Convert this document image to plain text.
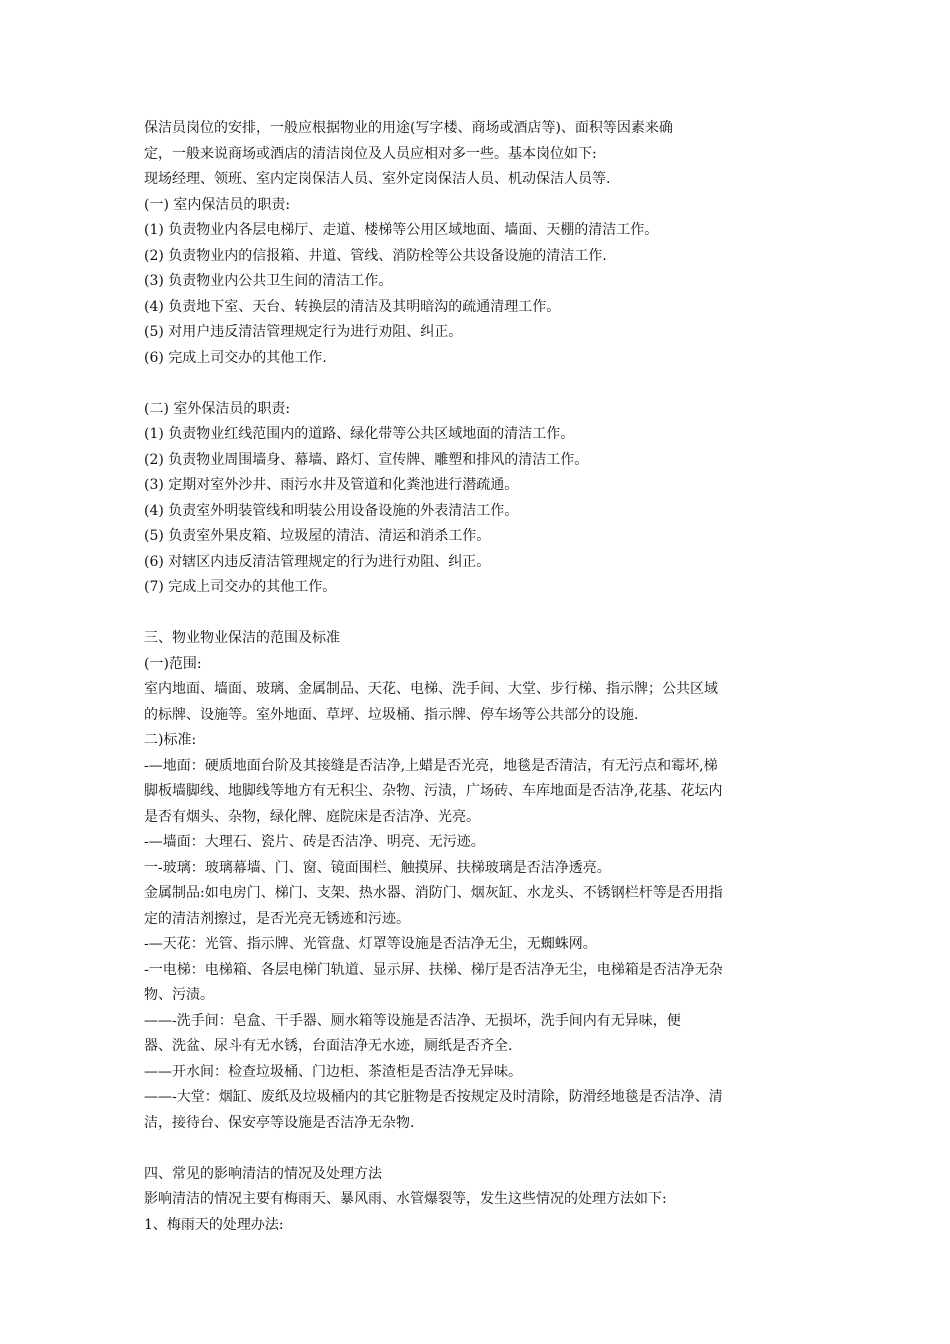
保洁员岗位的安排，一般应根据物业的用途(写字楼、商场或酒店等)、面积等因素来确
定，一般来说商场或酒店的清洁岗位及人员应相对多一些。基本岗位如下:
现场经理、领班、室内定岗保洁人员、室外定岗保洁人员、机动保洁人员等.
(一) 室内保洁员的职责:
(1) 负责物业内各层电梯厅、走道、楼梯等公用区域地面、墙面、天棚的清洁工作。
(2) 负责物业内的信报箱、井道、管线、消防栓等公共设备设施的清洁工作.
(3) 负责物业内公共卫生间的清洁工作。
(4) 负责地下室、天台、转换层的清洁及其明暗沟的疏通清理工作。
(5) 对用户违反清洁管理规定行为进行劝阻、纠正。
(6) 完成上司交办的其他工作.
(二) 室外保洁员的职责:
(1) 负责物业红线范围内的道路、绿化带等公共区域地面的清洁工作。
(2) 负责物业周围墙身、幕墙、路灯、宣传牌、雕塑和排风的清洁工作。
(3) 定期对室外沙井、雨污水井及管道和化粪池进行潜疏通。
(4) 负责室外明装管线和明装公用设备设施的外表清洁工作。
(5) 负责室外果皮箱、垃圾屋的清洁、清运和消杀工作。
(6) 对辖区内违反清洁管理规定的行为进行劝阻、纠正。
(7) 完成上司交办的其他工作。
三、物业物业保洁的范围及标准
(一)范围:
室内地面、墙面、玻璃、金属制品、天花、电梯、洗手间、大堂、步行梯、指示牌；公共区域
的标牌、设施等。室外地面、草坪、垃圾桶、指示牌、停车场等公共部分的设施.
二)标准:
-—地面：硬质地面台阶及其接缝是否洁净,上蜡是否光亮，地毯是否清洁，有无污点和霉坏,梯
脚板墙脚线、地脚线等地方有无积尘、杂物、污渍，广场砖、车库地面是否洁净,花基、花坛内
是否有烟头、杂物，绿化牌、庭院床是否洁净、光亮。
-—墙面：大理石、瓷片、砖是否洁净、明亮、无污迹。
一-玻璃：玻璃幕墙、门、窗、镜面围栏、触摸屏、扶梯玻璃是否洁净透亮。
金属制品:如电房门、梯门、支架、热水器、消防门、烟灰缸、水龙头、不锈钢栏杆等是否用指
定的清洁剂擦过，是否光亮无锈迹和污迹。
-—天花：光管、指示牌、光管盘、灯罩等设施是否洁净无尘，无蜘蛛网。
-一电梯：电梯箱、各层电梯门轨道、显示屏、扶梯、梯厅是否洁净无尘，电梯箱是否洁净无杂
物、污渍。
——-洗手间：皂盒、干手器、厕水箱等设施是否洁净、无损坏，洗手间内有无异味，便
器、洗盆、尿斗有无水锈，台面洁净无水迹，厕纸是否齐全.
——开水间：检查垃圾桶、门边柜、茶渣柜是否洁净无异味。
——-大堂：烟缸、废纸及垃圾桶内的其它脏物是否按规定及时清除，防滑经地毯是否洁净、清
洁，接待台、保安亭等设施是否洁净无杂物.
四、常见的影响清洁的情况及处理方法
影响清洁的情况主要有梅雨天、暴风雨、水管爆裂等，发生这些情况的处理方法如下:
1、梅雨天的处理办法:
